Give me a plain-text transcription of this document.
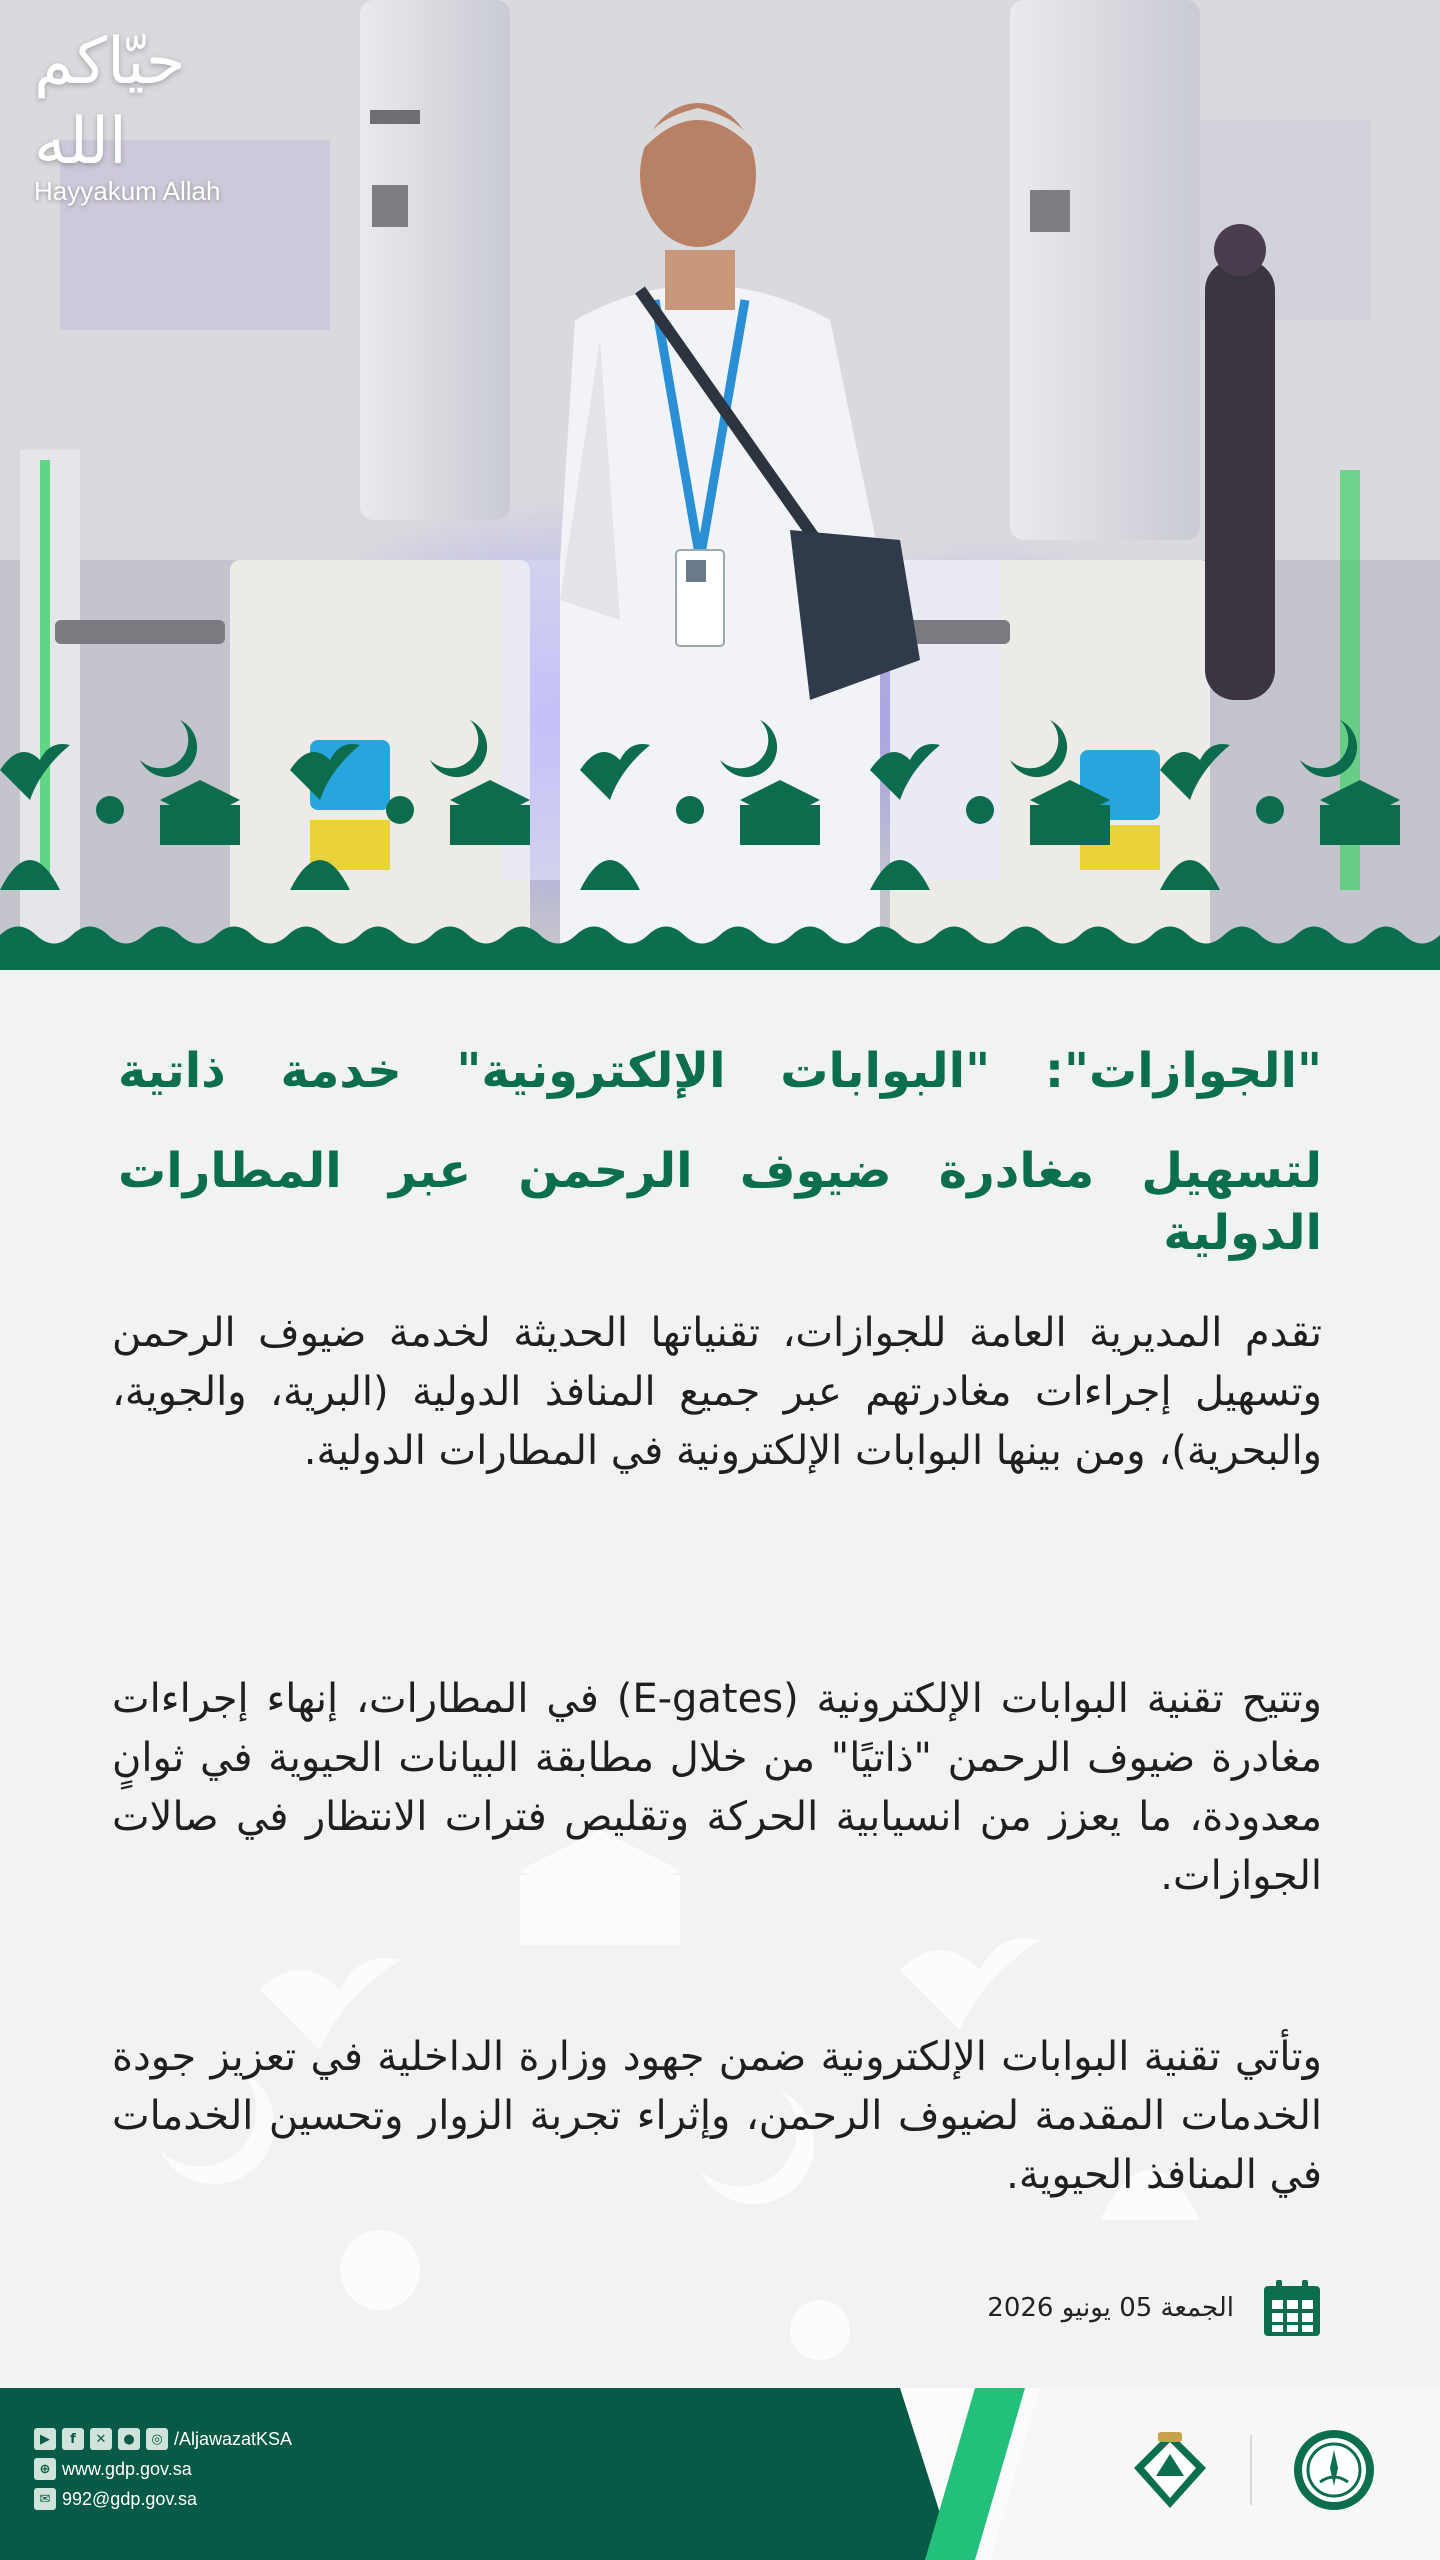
حيّاكم الله
Hayyakum Allah
"الجوازات": "البوابات الإلكترونية" خدمة ذاتية
لتسهيل مغادرة ضيوف الرحمن عبر المطارات الدولية

تقدم المديرية العامة للجوازات، تقنياتها الحديثة لخدمة ضيوف الرحمن وتسهيل إجراءات مغادرتهم عبر جميع المنافذ الدولية (البرية، والجوية، والبحرية)، ومن بينها البوابات الإلكترونية في المطارات الدولية.

وتتيح تقنية البوابات الإلكترونية (E-gates) في المطارات، إنهاء إجراءات مغادرة ضيوف الرحمن "ذاتيًا" من خلال مطابقة البيانات الحيوية في ثوانٍ معدودة، ما يعزز من انسيابية الحركة وتقليص فترات الانتظار في صالات الجوازات.

وتأتي تقنية البوابات الإلكترونية ضمن جهود وزارة الداخلية في تعزيز جودة الخدمات المقدمة لضيوف الرحمن، وإثراء تجربة الزوار وتحسين الخدمات في المنافذ الحيوية.

الجمعة 05 يونيو 2026
▶	f	✕	●	◎ /AljawazatKSA
⊕ www.gdp.gov.sa
✉ 992@gdp.gov.sa
